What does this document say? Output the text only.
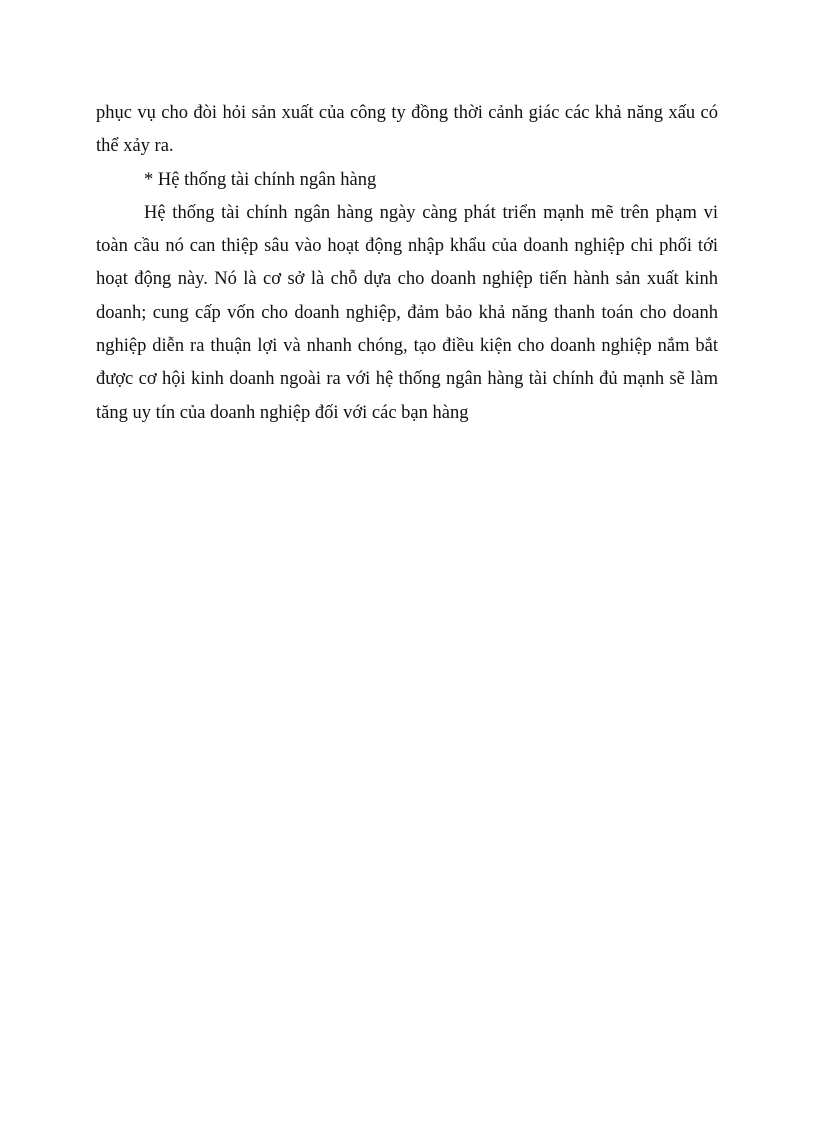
phục vụ cho đòi hỏi sản xuất của công ty đồng thời cảnh giác các khả năng xấu có
thể xảy ra.
* Hệ thống tài chính ngân hàng
Hệ thống tài chính ngân hàng ngày càng phát triển mạnh mẽ trên phạm vi
toàn cầu nó can thiệp sâu vào hoạt động nhập khẩu của doanh nghiệp chi phối tới
hoạt động này. Nó là cơ sở là chỗ dựa cho doanh nghiệp tiến hành sản xuất kinh
doanh; cung cấp vốn cho doanh nghiệp, đảm bảo khả năng thanh toán cho doanh
nghiệp diễn ra thuận lợi và nhanh chóng, tạo điều kiện cho doanh nghiệp nắm bắt
được cơ hội kinh doanh ngoài ra với hệ thống ngân hàng tài chính đủ mạnh sẽ làm
tăng uy tín của doanh nghiệp đối với các bạn hàng
